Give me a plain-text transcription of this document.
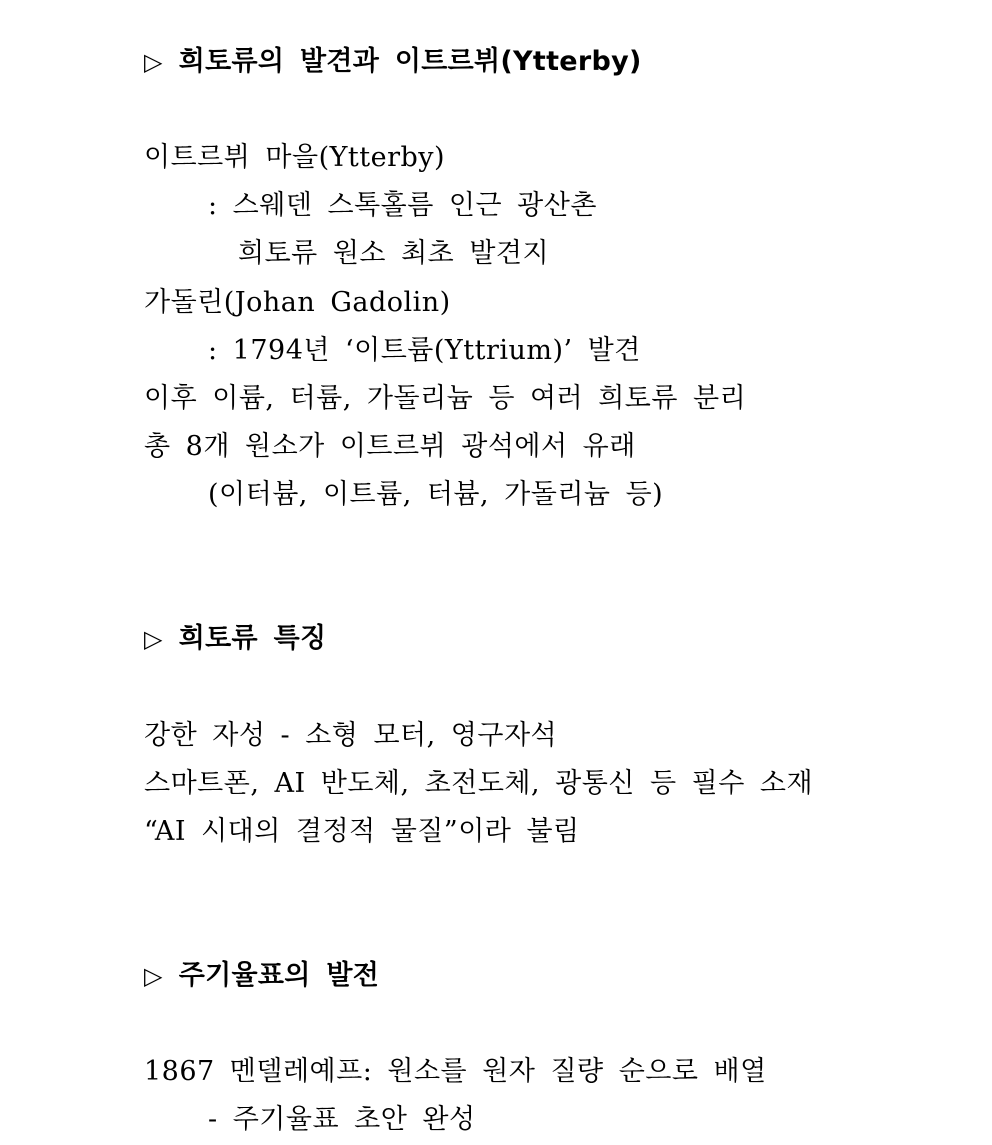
▷ 희토류의 발견과 이트르뷔(Ytterby)
이트르뷔 마을(Ytterby)
: 스웨덴 스톡홀름 인근 광산촌
희토류 원소 최초 발견지
가돌린(Johan Gadolin)
: 1794년 ‘이트륨(Yttrium)’ 발견
이후 이륨, 터륨, 가돌리늄 등 여러 희토류 분리
총 8개 원소가 이트르뷔 광석에서 유래
(이터븀, 이트륨, 터븀, 가돌리늄 등)
▷ 희토류 특징
강한 자성 - 소형 모터, 영구자석
스마트폰, AI 반도체, 초전도체, 광통신 등 필수 소재
“AI 시대의 결정적 물질”이라 불림
▷ 주기율표의 발전
1867 멘델레예프: 원소를 원자 질량 순으로 배열
- 주기율표 초안 완성
